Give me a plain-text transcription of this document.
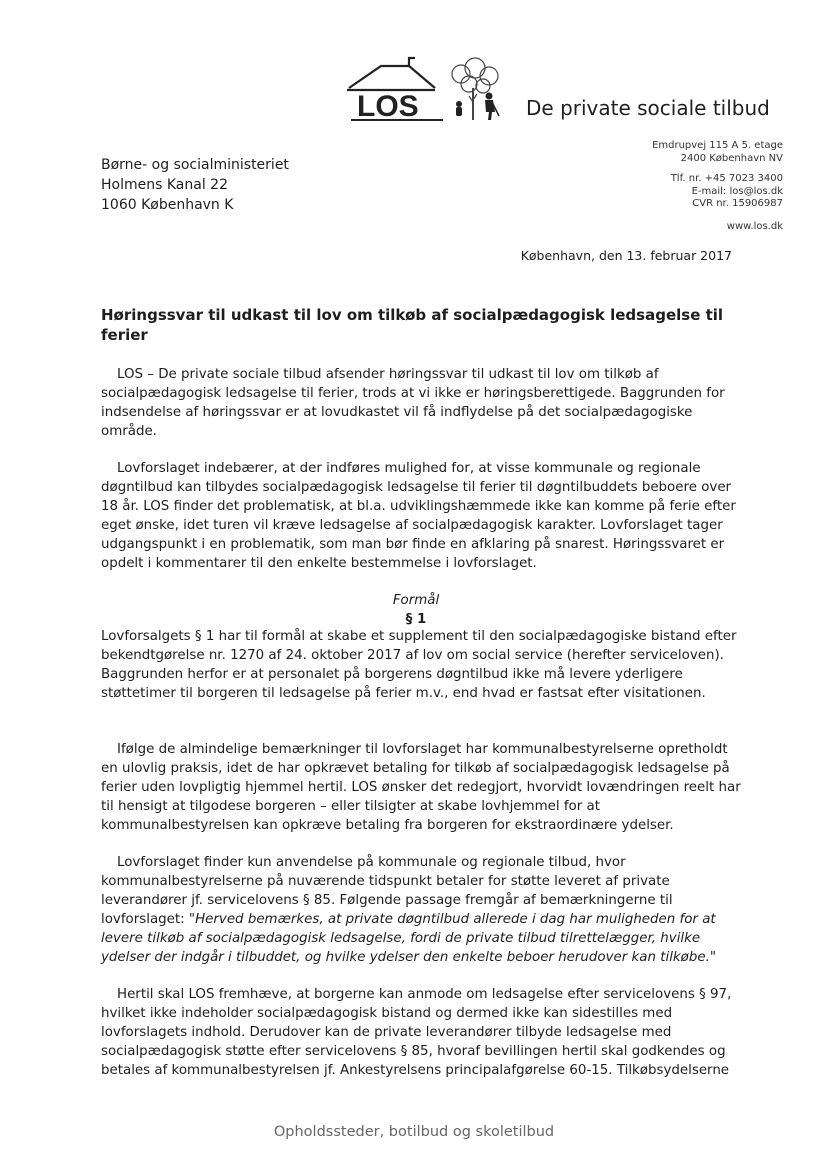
LOS	De private sociale tilbud
Børne- og socialministeriet
Holmens Kanal 22
1060 København K
Emdrupvej 115 A 5. etage
2400 København NV
Tlf. nr. +45 7023 3400
E-mail: los@los.dk
CVR nr. 15906987
www.los.dk
København, den 13. februar 2017
Høringssvar til udkast til lov om tilkøb af socialpædagogisk ledsagelse til ferier

LOS – De private sociale tilbud afsender høringssvar til udkast til lov om tilkøb af socialpædagogisk ledsagelse til ferier, trods at vi ikke er høringsberettigede. Baggrunden for indsendelse af høringssvar er at lovudkastet vil få indflydelse på det socialpædagogiske område.

Lovforslaget indebærer, at der indføres mulighed for, at visse kommunale og regionale døgntilbud kan tilbydes socialpædagogisk ledsagelse til ferier til døgntilbuddets beboere over 18 år. LOS finder det problematisk, at bl.a. udviklingshæmmede ikke kan komme på ferie efter eget ønske, idet turen vil kræve ledsagelse af socialpædagogisk karakter. Lovforslaget tager udgangspunkt i en problematik, som man bør finde en afklaring på snarest. Høringssvaret er opdelt i kommentarer til den enkelte bestemmelse i lovforslaget.

Formål
§ 1

Lovforsalgets § 1 har til formål at skabe et supplement til den socialpædagogiske bistand efter bekendtgørelse nr. 1270 af 24. oktober 2017 af lov om social service (herefter serviceloven). Baggrunden herfor er at personalet på borgerens døgntilbud ikke må levere yderligere støttetimer til borgeren til ledsagelse på ferier m.v., end hvad er fastsat efter visitationen.

Ifølge de almindelige bemærkninger til lovforslaget har kommunalbestyrelserne opretholdt en ulovlig praksis, idet de har opkrævet betaling for tilkøb af socialpædagogisk ledsagelse på ferier uden lovpligtig hjemmel hertil. LOS ønsker det redegjort, hvorvidt lovændringen reelt har til hensigt at tilgodese borgeren – eller tilsigter at skabe lovhjemmel for at kommunalbestyrelsen kan opkræve betaling fra borgeren for ekstraordinære ydelser.

Lovforslaget finder kun anvendelse på kommunale og regionale tilbud, hvor kommunalbestyrelserne på nuværende tidspunkt betaler for støtte leveret af private leverandører jf. servicelovens § 85. Følgende passage fremgår af bemærkningerne til lovforslaget: "Herved bemærkes, at private døgntilbud allerede i dag har muligheden for at levere tilkøb af socialpædagogisk ledsagelse, fordi de private tilbud tilrettelægger, hvilke ydelser der indgår i tilbuddet, og hvilke ydelser den enkelte beboer herudover kan tilkøbe."

Hertil skal LOS fremhæve, at borgerne kan anmode om ledsagelse efter servicelovens § 97, hvilket ikke indeholder socialpædagogisk bistand og dermed ikke kan sidestilles med lovforslagets indhold. Derudover kan de private leverandører tilbyde ledsagelse med socialpædagogisk støtte efter servicelovens § 85, hvoraf bevillingen hertil skal godkendes og betales af kommunalbestyrelsen jf. Ankestyrelsens principalafgørelse 60-15. Tilkøbsydelserne

Opholdssteder, botilbud og skoletilbud
